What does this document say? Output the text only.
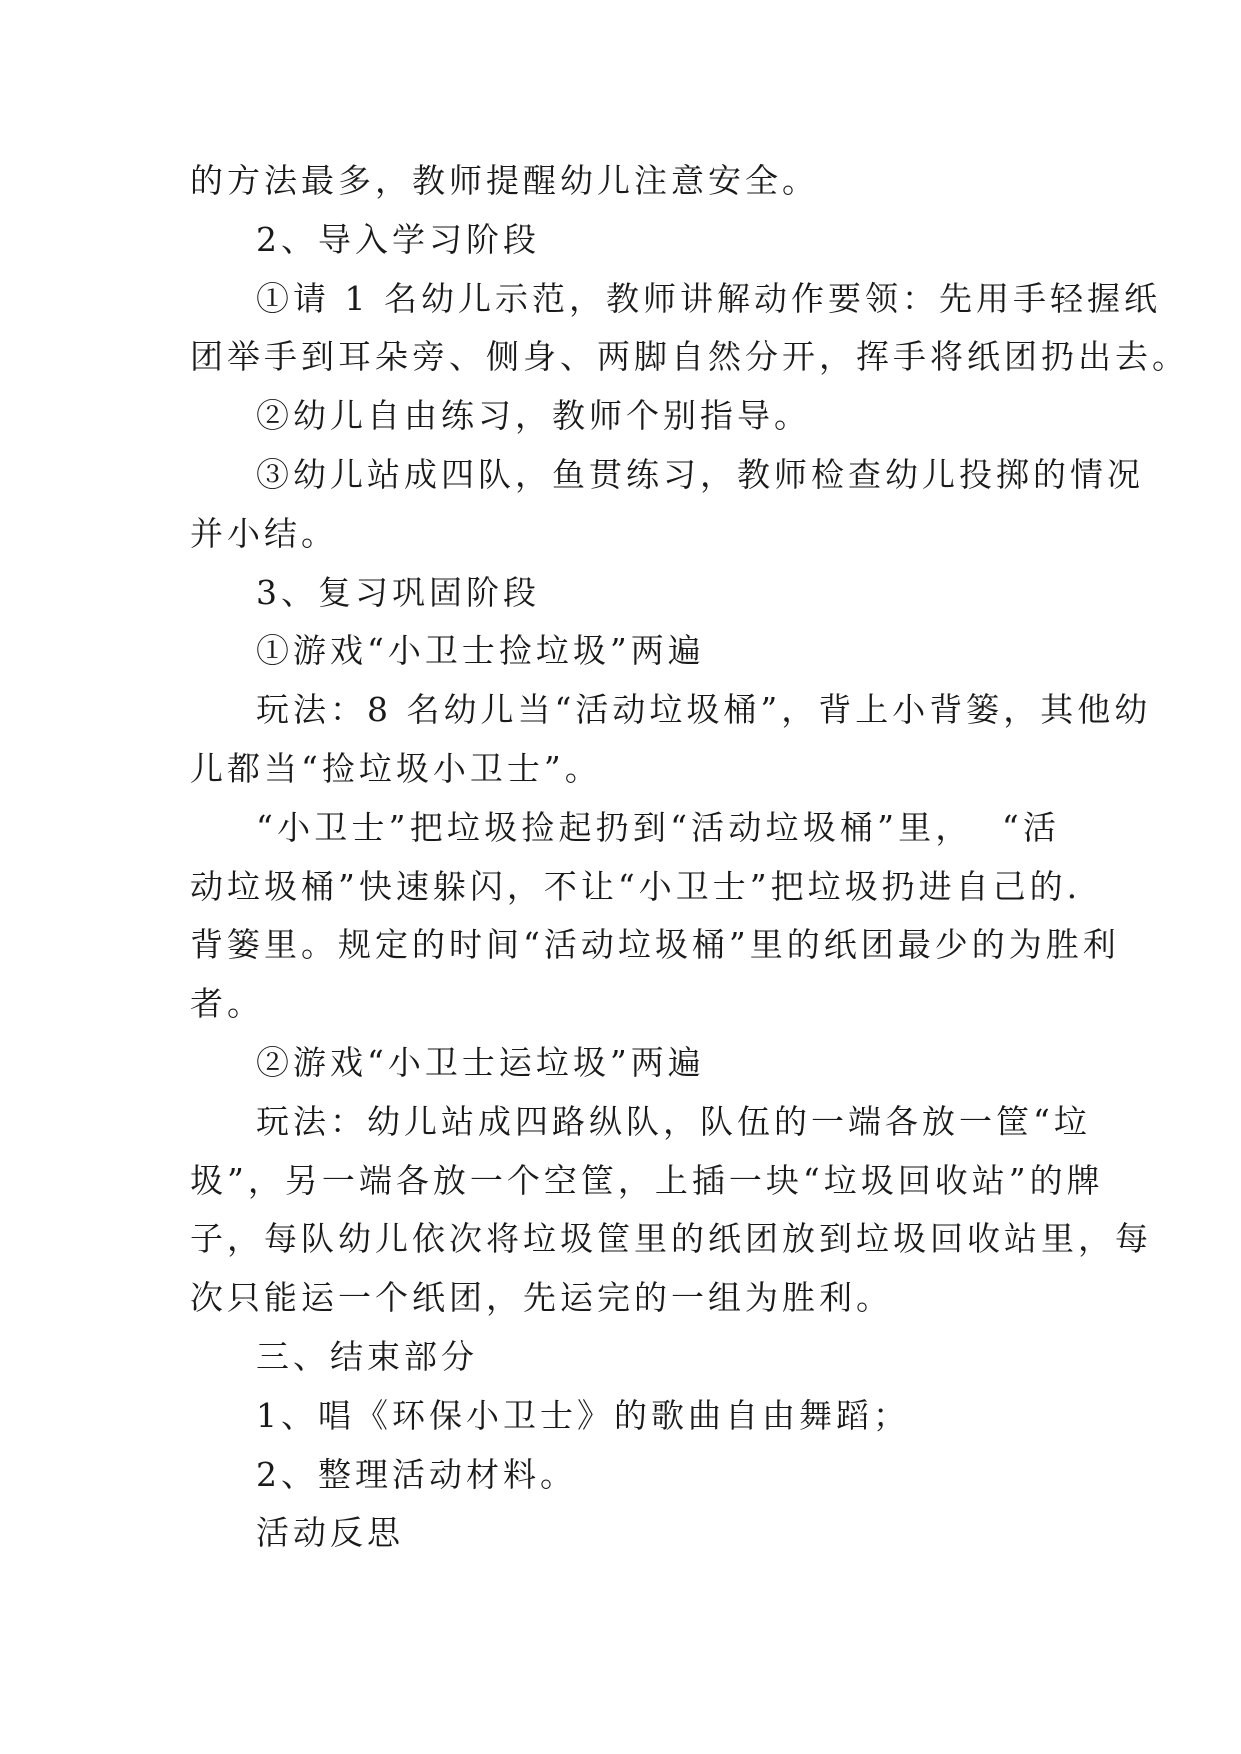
的方法最多，教师提醒幼儿注意安全。
2、导入学习阶段
①请 1 名幼儿示范，教师讲解动作要领：先用手轻握纸
团举手到耳朵旁、侧身、两脚自然分开，挥手将纸团扔出去。
②幼儿自由练习，教师个别指导。
③幼儿站成四队，鱼贯练习，教师检查幼儿投掷的情况
并小结。
3、复习巩固阶段
①游戏“小卫士捡垃圾”两遍
玩法：8 名幼儿当“活动垃圾桶”，背上小背篓，其他幼
儿都当“捡垃圾小卫士”。
“小卫士”把垃圾捡起扔到“活动垃圾桶”里，  “活
动垃圾桶”快速躲闪，不让“小卫士”把垃圾扔进自己的.
背篓里。规定的时间“活动垃圾桶”里的纸团最少的为胜利
者。
②游戏“小卫士运垃圾”两遍
玩法：幼儿站成四路纵队，队伍的一端各放一筐“垃
圾”，另一端各放一个空筐，上插一块“垃圾回收站”的牌
子，每队幼儿依次将垃圾筐里的纸团放到垃圾回收站里，每
次只能运一个纸团，先运完的一组为胜利。
三、结束部分
1、唱《环保小卫士》的歌曲自由舞蹈；
2、整理活动材料。
活动反思
